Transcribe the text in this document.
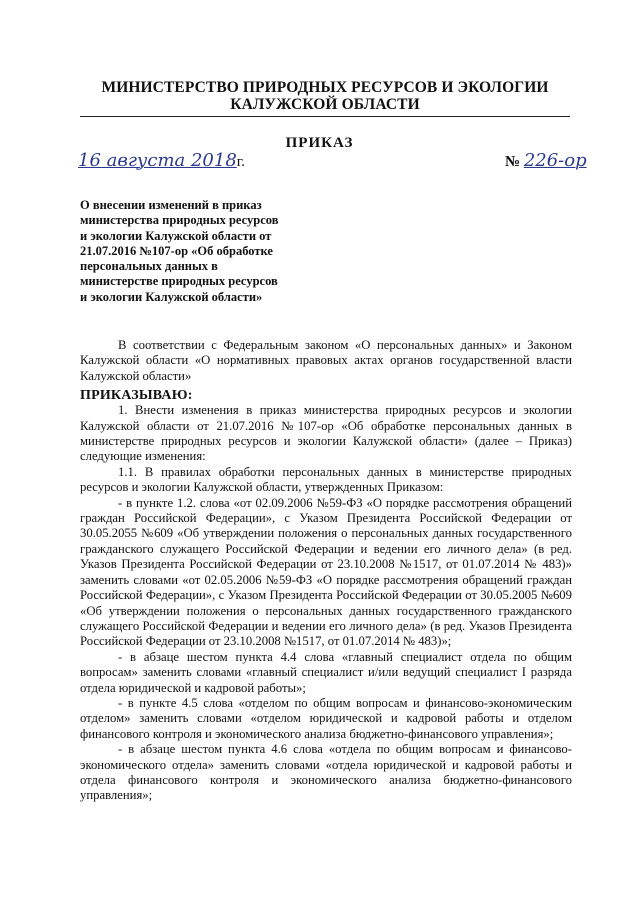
МИНИСТЕРСТВО ПРИРОДНЫХ РЕСУРСОВ И ЭКОЛОГИИ
КАЛУЖСКОЙ ОБЛАСТИ
ПРИКАЗ
16 августа 2018г.	№ 226-ор
О внесении изменений в приказ
министерства природных ресурсов
и экологии Калужской области от
21.07.2016 №107-ор «Об обработке
персональных данных в
министерстве природных ресурсов
и экологии Калужской области»

В соответствии с Федеральным законом «О персональных данных» и Законом Калужской области «О нормативных правовых актах органов государственной власти Калужской области»

ПРИКАЗЫВАЮ:

1. Внести изменения в приказ министерства природных ресурсов и экологии Калужской области от 21.07.2016 №107-ор «Об обработке персональных данных в министерстве природных ресурсов и экологии Калужской области» (далее – Приказ) следующие изменения:

1.1. В правилах обработки персональных данных в министерстве природных ресурсов и экологии Калужской области, утвержденных Приказом:

- в пункте 1.2. слова «от 02.09.2006 №59-ФЗ «О порядке рассмотрения обращений граждан Российской Федерации», с Указом Президента Российской Федерации от 30.05.2055 №609 «Об утверждении положения о персональных данных государственного гражданского служащего Российской Федерации и ведении его личного дела» (в ред. Указов Президента Российской Федерации от 23.10.2008 №1517, от 01.07.2014 № 483)» заменить словами «от 02.05.2006 №59-ФЗ «О порядке рассмотрения обращений граждан Российской Федерации», с Указом Президента Российской Федерации от 30.05.2005 №609 «Об утверждении положения о персональных данных государственного гражданского служащего Российской Федерации и ведении его личного дела» (в ред. Указов Президента Российской Федерации от 23.10.2008 №1517, от 01.07.2014 № 483)»;

- в абзаце шестом пункта 4.4 слова «главный специалист отдела по общим вопросам» заменить словами «главный специалист и/или ведущий специалист I разряда отдела юридической и кадровой работы»;

- в пункте 4.5 слова «отделом по общим вопросам и финансово-экономическим отделом» заменить словами «отделом юридической и кадровой работы и отделом финансового контроля и экономического анализа бюджетно-финансового управления»;

- в абзаце шестом пункта 4.6 слова «отдела по общим вопросам и финансово-экономического отдела» заменить словами «отдела юридической и кадровой работы и отдела финансового контроля и экономического анализа бюджетно-финансового управления»;
